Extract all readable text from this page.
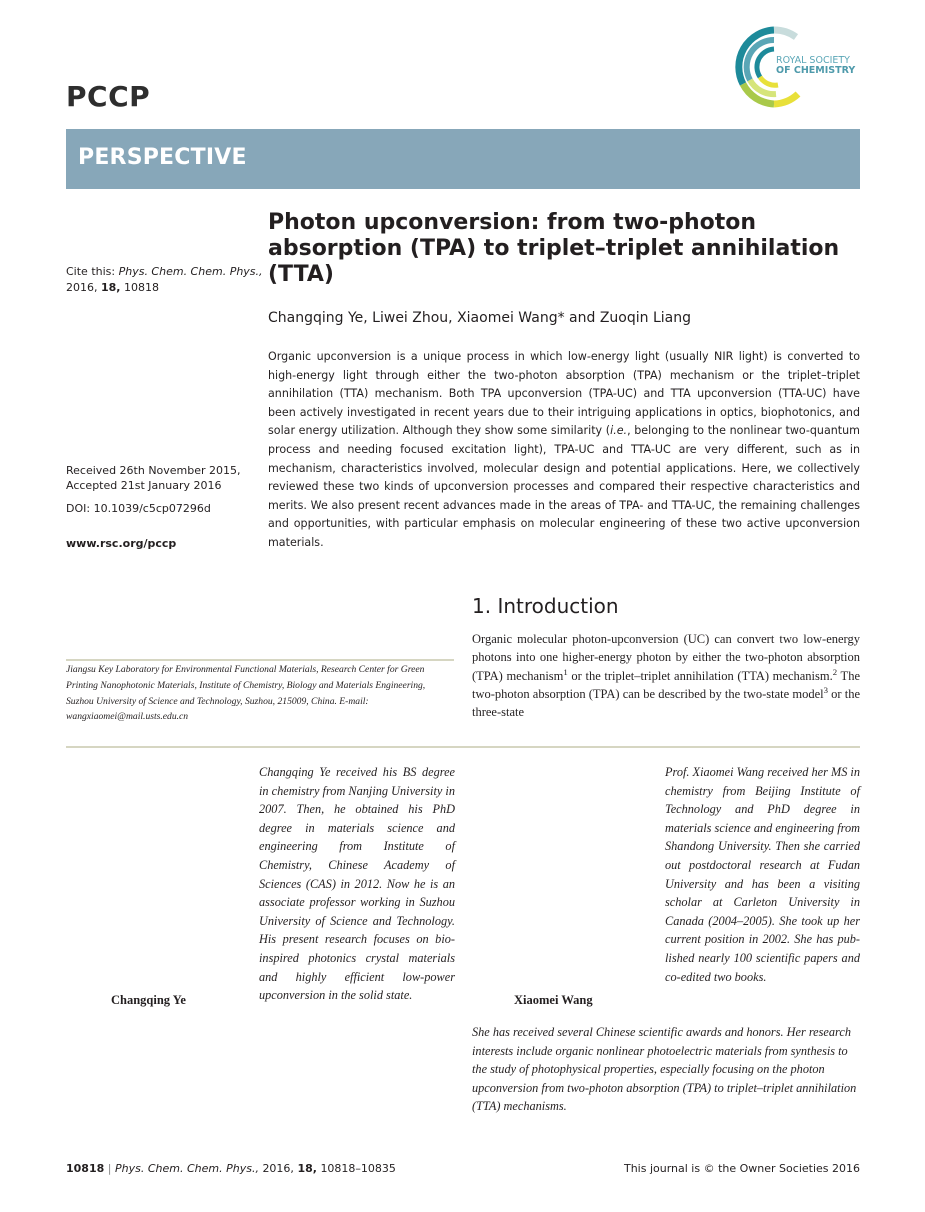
PCCP
ROYAL SOCIETY
OF CHEMISTRY
PERSPECTIVE
Cite this: Phys. Chem. Chem. Phys.,
2016, 18, 10818
Received 26th November 2015,
Accepted 21st January 2016
DOI: 10.1039/c5cp07296d
www.rsc.org/pccp
Photon upconversion: from two-photon absorption (TPA) to triplet–triplet annihilation (TTA)
Changqing Ye, Liwei Zhou, Xiaomei Wang* and Zuoqin Liang
Organic upconversion is a unique process in which low-energy light (usually NIR light) is converted to high-energy light through either the two-photon absorption (TPA) mechanism or the triplet–triplet annihilation (TTA) mechanism. Both TPA upconversion (TPA-UC) and TTA upconversion (TTA-UC) have been actively investigated in recent years due to their intriguing applications in optics, biophotonics, and solar energy utilization. Although they show some similarity (i.e., belonging to the nonlinear two-quantum process and needing focused excitation light), TPA-UC and TTA-UC are very different, such as in mechanism, characteristics involved, molecular design and potential applications. Here, we collectively reviewed these two kinds of upconversion processes and compared their respective characteristics and merits. We also present recent advances made in the areas of TPA- and TTA-UC, the remaining challenges and opportunities, with particular emphasis on molecular engineering of these two active upconversion materials.
1. Introduction
Organic molecular photon-upconversion (UC) can convert two low-energy photons into one higher-energy photon by either the two-photon absorption (TPA) mechanism$^1$ or the triplet–triplet annihilation (TTA) mechanism.$^2$ The two-photon absorption (TPA) can be described by the two-state model$^3$ or the three-state
Jiangsu Key Laboratory for Environmental Functional Materials, Research Center for Green Printing Nanophotonic Materials, Institute of Chemistry, Biology and Materials Engineering, Suzhou University of Science and Technology, Suzhou, 215009, China. E-mail: wangxiaomei@mail.usts.edu.cn
Changqing Ye
Changqing Ye received his BS degree in chemistry from Nanjing University in 2007. Then, he obtained his PhD degree in materials science and engineering from Institute of Chemistry, Chinese Academy of Sciences (CAS) in 2012. Now he is an associate professor working in Suzhou University of Science and Technology. His present research focuses on bio-inspired photonics crystal materials and highly efficient low-power upconversion in the solid state.	Xiaomei Wang
Prof. Xiaomei Wang received her MS in chemistry from Beijing Institute of Technology and PhD degree in materials science and engineering from Shandong University. Then she carried out postdoctoral research at Fudan University and has been a visiting scholar at Carleton University in Canada (2004–2005). She took up her current position in 2002. She has pub-lished nearly 100 scientific papers and co-edited two books.
She has received several Chinese scientific awards and honors. Her research interests include organic nonlinear photoelectric materials from synthesis to the study of photophysical properties, especially focusing on the photon upconversion from two-photon absorption (TPA) to triplet–triplet annihilation (TTA) mechanisms.
10818 | Phys. Chem. Chem. Phys., 2016, 18, 10818–10835	This journal is © the Owner Societies 2016
